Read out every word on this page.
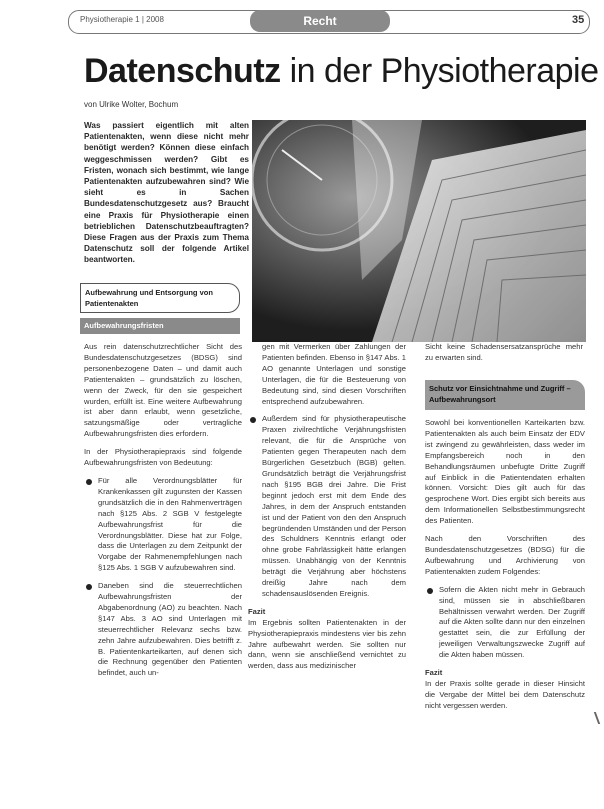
Physiotherapie 1 | 2008	Recht	35
Datenschutz in der Physiotherapie
von Ulrike Wolter, Bochum
Was passiert eigentlich mit alten Patientenakten, wenn diese nicht mehr benötigt werden? Können diese einfach weggeschmissen werden? Gibt es Fristen, wonach sich bestimmt, wie lange Patientenakten aufzubewahren sind? Wie sieht es in Sachen Bundesdatenschutzgesetz aus? Braucht eine Praxis für Physiotherapie einen betrieblichen Datenschutzbeauftragten? Diese Fragen aus der Praxis zum Thema Datenschutz soll der folgende Artikel beantworten.
Aufbewahrung und Entsorgung von Patientenakten
Aufbewahrungsfristen

Aus rein datenschutzrechtlicher Sicht des Bundesdatenschutzgesetzes (BDSG) sind personenbezogene Daten – und damit auch Patientenakten – grundsätzlich zu löschen, wenn der Zweck, für den sie gespeichert wurden, erfüllt ist. Eine weitere Aufbewahrung ist aber dann erlaubt, wenn gesetzliche, satzungsmäßige oder vertragliche Aufbewahrungsfristen dies erfordern.

In der Physiotherapiepraxis sind folgende Aufbewahrungsfristen von Bedeutung:

Für alle Verordnungsblätter für Krankenkassen gilt zugunsten der Kassen grundsätzlich die in den Rahmenverträgen nach §125 Abs. 2 SGB V festgelegte Aufbewahrungsfrist für die Verordnungsblätter. Diese hat zur Folge, dass die Unterlagen zu dem Zeitpunkt der Vorgabe der Rahmenempfehlungen nach §125 Abs. 1 SGB V aufzubewahren sind.

Daneben sind die steuerrechtlichen Aufbewahrungsfristen der Abgabenordnung (AO) zu beachten. Nach §147 Abs. 3 AO sind Unterlagen mit steuerrechtlicher Relevanz sechs bzw. zehn Jahre aufzubewahren. Dies betrifft z. B. Patientenkarteikarten, auf denen sich die Rechnung gegenüber den Patienten befindet, auch un-

gen mit Vermerken über Zahlungen der Patienten befinden. Ebenso in §147 Abs. 1 AO genannte Unterlagen und sonstige Unterlagen, die für die Besteuerung von Bedeutung sind, sind diesen Vorschriften entsprechend aufzubewahren.

Außerdem sind für physiotherapeutische Praxen zivilrechtliche Verjährungsfristen relevant, die für die Ansprüche von Patienten gegen Therapeuten nach dem Bürgerlichen Gesetzbuch (BGB) gelten. Grundsätzlich beträgt die Verjährungsfrist nach §195 BGB drei Jahre. Die Frist beginnt jedoch erst mit dem Ende des Jahres, in dem der Anspruch entstanden ist und der Patient von den den Anspruch begründenden Umständen und der Person des Schuldners Kenntnis erlangt oder ohne grobe Fahrlässigkeit hätte erlangen müssen. Unabhängig von der Kenntnis beträgt die Verjährung aber höchstens dreißig Jahre nach dem schadensauslösenden Ereignis.

Fazit

Im Ergebnis sollten Patientenakten in der Physiotherapiepraxis mindestens vier bis zehn Jahre aufbewahrt werden. Sie sollten nur dann, wenn sie anschließend vernichtet zu werden, dass aus medizinischer

Sicht keine Schadensersatzansprüche mehr zu erwarten sind.

Schutz vor Einsichtnahme und Zugriff – Aufbewahrungsort

Sowohl bei konventionellen Karteikarten bzw. Patientenakten als auch beim Einsatz der EDV ist zwingend zu gewährleisten, dass weder im Empfangsbereich noch in den Behandlungsräumen unbefugte Dritte Zugriff auf Einblick in die Patientendaten erhalten können. Vorsicht: Dies gilt auch für das gesprochene Wort. Dies ergibt sich bereits aus dem Informationellen Selbstbestimmungsrecht des Patienten.

Nach den Vorschriften des Bundesdatenschutzgesetzes (BDSG) für die Aufbewahrung und Archivierung von Patientenakten zudem Folgendes:

Sofern die Akten nicht mehr in Gebrauch sind, müssen sie in abschließbaren Behältnissen verwahrt werden. Der Zugriff auf die Akten sollte dann nur den einzelnen gestattet sein, die zur Erfüllung der jeweiligen Verwaltungszwecke Zugriff auf die Akten haben müssen.

Fazit

In der Praxis sollte gerade in dieser Hinsicht die Vergabe der Mittel bei dem Datenschutz nicht vergessen werden.
